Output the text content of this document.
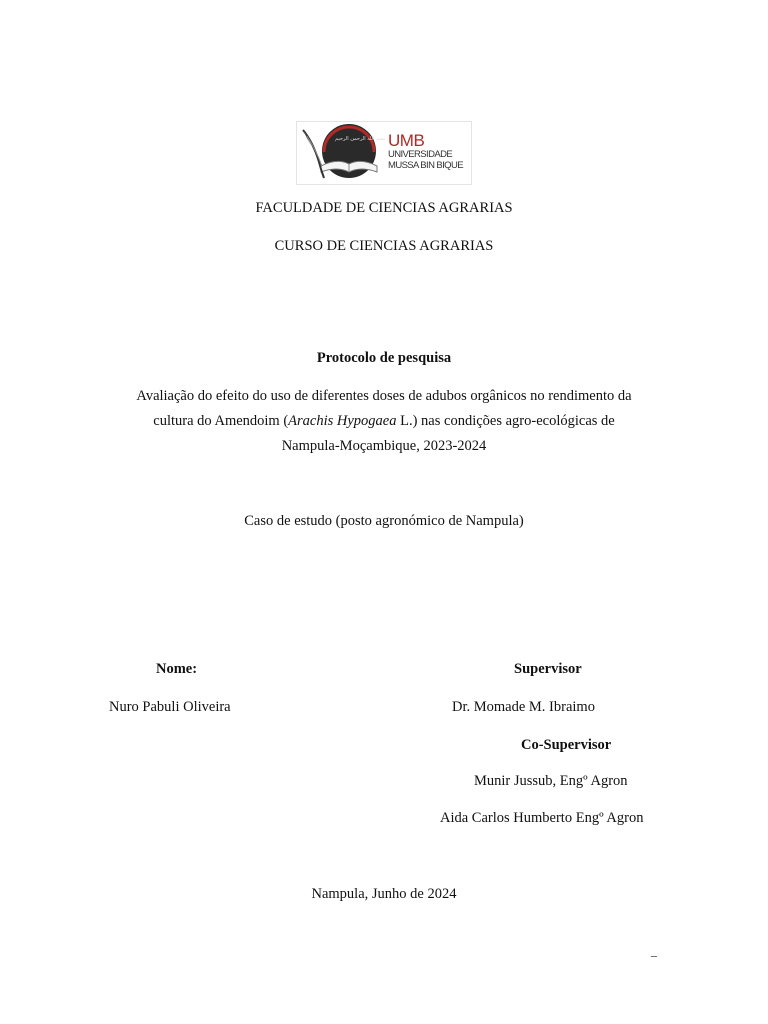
بسم الله الرحمن الرحيم UMB
UNIVERSIDADE
MUSSA BIN BIQUE
FACULDADE DE CIENCIAS AGRARIAS
CURSO DE CIENCIAS AGRARIAS
Protocolo de pesquisa
Avaliação do efeito do uso de diferentes doses de adubos orgânicos no rendimento da
cultura do Amendoim (Arachis Hypogaea L.) nas condições agro-ecológicas de
Nampula-Moçambique, 2023-2024
Caso de estudo (posto agronómico de Nampula)
Nome:	Supervisor
Nuro Pabuli Oliveira	Dr. Momade M. Ibraimo
Co-Supervisor
Munir Jussub, Engº Agron
Aida Carlos Humberto Engº Agron
Nampula, Junho de 2024
–
